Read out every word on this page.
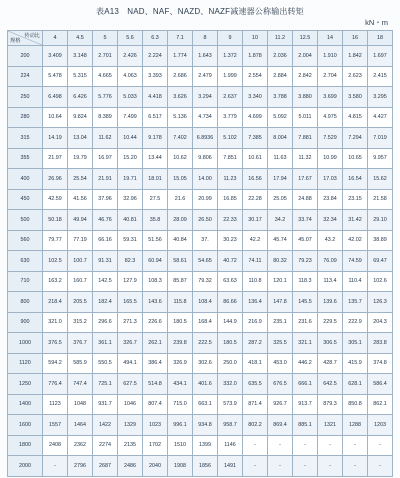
表A13　NAD、NAF、NAZD、NAZF减速器公称输出转矩
kN・m
传动比
规格	4	4.5	5	5.6	6.3	7.1	8	9	10	11.2	12.5	14	16	18
200	3.409	3.148	2.701	2.426	2.224	1.774	1.643	1.372	1.878	2.036	2.004	1.910	1.842	1.697
224	5.478	5.315	4.665	4.063	3.393	2.686	2.479	1.999	2.554	2.884	2.842	2.704	2.623	2.415
250	6.498	6.426	5.776	5.033	4.418	3.626	3.294	2.637	3.340	3.788	3.880	3.699	3.580	3.295
280	10.64	9.824	8.389	7.499	6.517	5.136	4.734	3.779	4.699	5.092	5.011	4.975	4.815	4.427
315	14.19	13.04	11.62	10.44	9.178	7.402	6.8936	5.102	7.385	8.004	7.881	7.529	7.294	7.019
355	21.97	19.79	16.97	15.20	13.44	10.62	9.806	7.851	10.61	11.63	11.32	10.99	10.65	9.957
400	26.96	25.54	21.91	19.71	18.01	15.05	14.00	11.23	16.56	17.94	17.67	17.03	16.54	15.62
450	42.59	41.56	37.96	32.96	27.5	21.6	20.99	16.85	22.28	25.05	24.88	23.84	23.15	21.58
500	50.18	49.94	46.76	40.81	35.8	28.09	26.50	22.33	30.17	34.2	33.74	32.34	31.42	29.10
560	79.77	77.19	66.16	59.31	51.56	40.84	37.	30.23	42.2	45.74	45.07	43.2	42.02	38.89
630	102.5	100.7	91.31	82.3	60.94	58.61	54.65	40.72	74.11	80.32	79.23	76.09	74.59	69.47
710	163.2	160.7	142.5	127.9	108.3	85.87	79.32	63.63	110.8	120.1	118.3	113.4	110.4	102.6
800	218.4	205.5	182.4	165.5	143.6	115.8	108.4	86.66	136.4	147.8	145.5	139.6	135.7	126.3
900	321.0	315.2	296.6	271.3	226.6	180.5	168.4	144.9	216.9	235.1	231.6	229.5	222.9	204.3
1000	376.5	376.7	361.1	326.7	262.1	239.8	222.5	180.5	287.2	325.5	321.1	306.5	305.1	283.8
1120	594.2	585.9	550.5	494.1	386.4	326.9	302.6	250.0	418.1	453.0	446.2	428.7	415.9	374.8
1250	776.4	747.4	725.1	627.5	514.8	434.1	401.6	332.0	635.5	676.5	666.1	642.5	628.1	586.4
1400	1123	1048	931.7	1046	807.4	715.0	663.1	573.9	871.4	926.7	913.7	879.3	850.8	862.1
1600	1557	1464	1422	1329	1023	996.1	934.8	958.7	802.2	869.4	885.1	1321	1288	1203
1800	2408	2362	2274	2135	1702	1510	1399	1146	-	-	-	-	-	-
2000	-	2796	2687	2486	2040	1908	1856	1491	-	-	-	-	-	-
